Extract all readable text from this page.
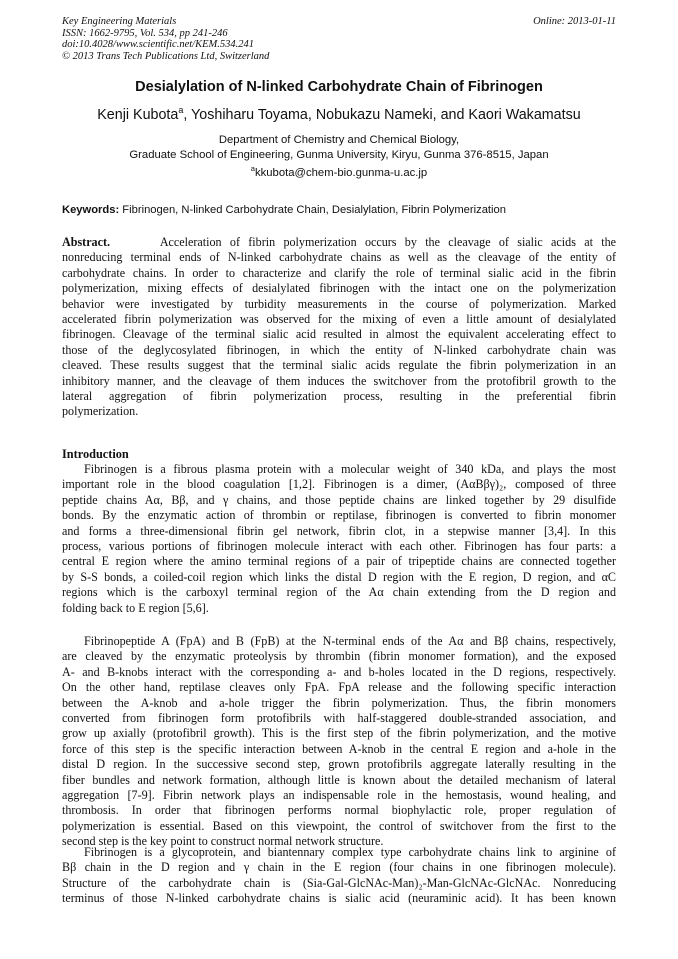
Key Engineering Materials
ISSN: 1662-9795, Vol. 534, pp 241-246
doi:10.4028/www.scientific.net/KEM.534.241
© 2013 Trans Tech Publications Ltd, Switzerland
Online: 2013-01-11
Desialylation of N-linked Carbohydrate Chain of Fibrinogen
Kenji Kubota$^a$, Yoshiharu Toyama, Nobukazu Nameki, and Kaori Wakamatsu
Department of Chemistry and Chemical Biology,
Graduate School of Engineering, Gunma University, Kiryu, Gunma 376-8515, Japan
$^a$kkubota@chem-bio.gunma-u.ac.jp
Keywords: Fibrinogen, N-linked Carbohydrate Chain, Desialylation, Fibrin Polymerization
Abstract.	Acceleration of fibrin polymerization occurs by the cleavage of sialic acids at the
nonreducing terminal ends of N-linked carbohydrate chains as well as the cleavage of the entity of
carbohydrate chains. In order to characterize and clarify the role of terminal sialic acid in the fibrin
polymerization, mixing effects of desialylated fibrinogen with the intact one on the polymerization
behavior were investigated by turbidity measurements in the course of polymerization. Marked
accelerated fibrin polymerization was observed for the mixing of even a little amount of desialylated
fibrinogen. Cleavage of the terminal sialic acid resulted in almost the equivalent accelerating effect to
those of the deglycosylated fibrinogen, in which the entity of N-linked carbohydrate chain was
cleaved. These results suggest that the terminal sialic acids regulate the fibrin polymerization in an
inhibitory manner, and the cleavage of them induces the switchover from the protofibril growth to the
lateral aggregation of fibrin polymerization process, resulting in the preferential fibrin
polymerization.
Introduction
Fibrinogen is a fibrous plasma protein with a molecular weight of 340 kDa, and plays the most
important role in the blood coagulation [1,2]. Fibrinogen is a dimer, (AαBβγ)₂, composed of three
peptide chains Aα, Bβ, and γ chains, and those peptide chains are linked together by 29 disulfide
bonds. By the enzymatic action of thrombin or reptilase, fibrinogen is converted to fibrin monomer
and forms a three-dimensional fibrin gel network, fibrin clot, in a stepwise manner [3,4]. In this
process, various portions of fibrinogen molecule interact with each other. Fibrinogen has four parts: a
central E region where the amino terminal regions of a pair of tripeptide chains are connected together
by S-S bonds, a coiled-coil region which links the distal D region with the E region, D region, and αC
regions which is the carboxyl terminal region of the Aα chain extending from the D region and
folding back to E region [5,6].
Fibrinopeptide A (FpA) and B (FpB) at the N-terminal ends of the Aα and Bβ chains, respectively,
are cleaved by the enzymatic proteolysis by thrombin (fibrin monomer formation), and the exposed
A- and B-knobs interact with the corresponding a- and b-holes located in the D regions, respectively.
On the other hand, reptilase cleaves only FpA. FpA release and the following specific interaction
between the A-knob and a-hole trigger the fibrin polymerization. Thus, the fibrin monomers
converted from fibrinogen form protofibrils with half-staggered double-stranded association, and
grow up axially (protofibril growth). This is the first step of the fibrin polymerization, and the motive
force of this step is the specific interaction between A-knob in the central E region and a-hole in the
distal D region. In the successive second step, grown protofibrils aggregate laterally resulting in the
fiber bundles and network formation, although little is known about the detailed mechanism of lateral
aggregation [7-9]. Fibrin network plays an indispensable role in the hemostasis, wound healing, and
thrombosis. In order that fibrinogen performs normal biophylactic role, proper regulation of
polymerization is essential. Based on this viewpoint, the control of switchover from the first to the
second step is the key point to construct normal network structure.
Fibrinogen is a glycoprotein, and biantennary complex type carbohydrate chains link to arginine of
Bβ chain in the D region and γ chain in the E region (four chains in one fibrinogen molecule).
Structure of the carbohydrate chain is (Sia-Gal-GlcNAc-Man)₂-Man-GlcNAc-GlcNAc. Nonreducing
terminus of those N-linked carbohydrate chains is sialic acid (neuraminic acid). It has been known
